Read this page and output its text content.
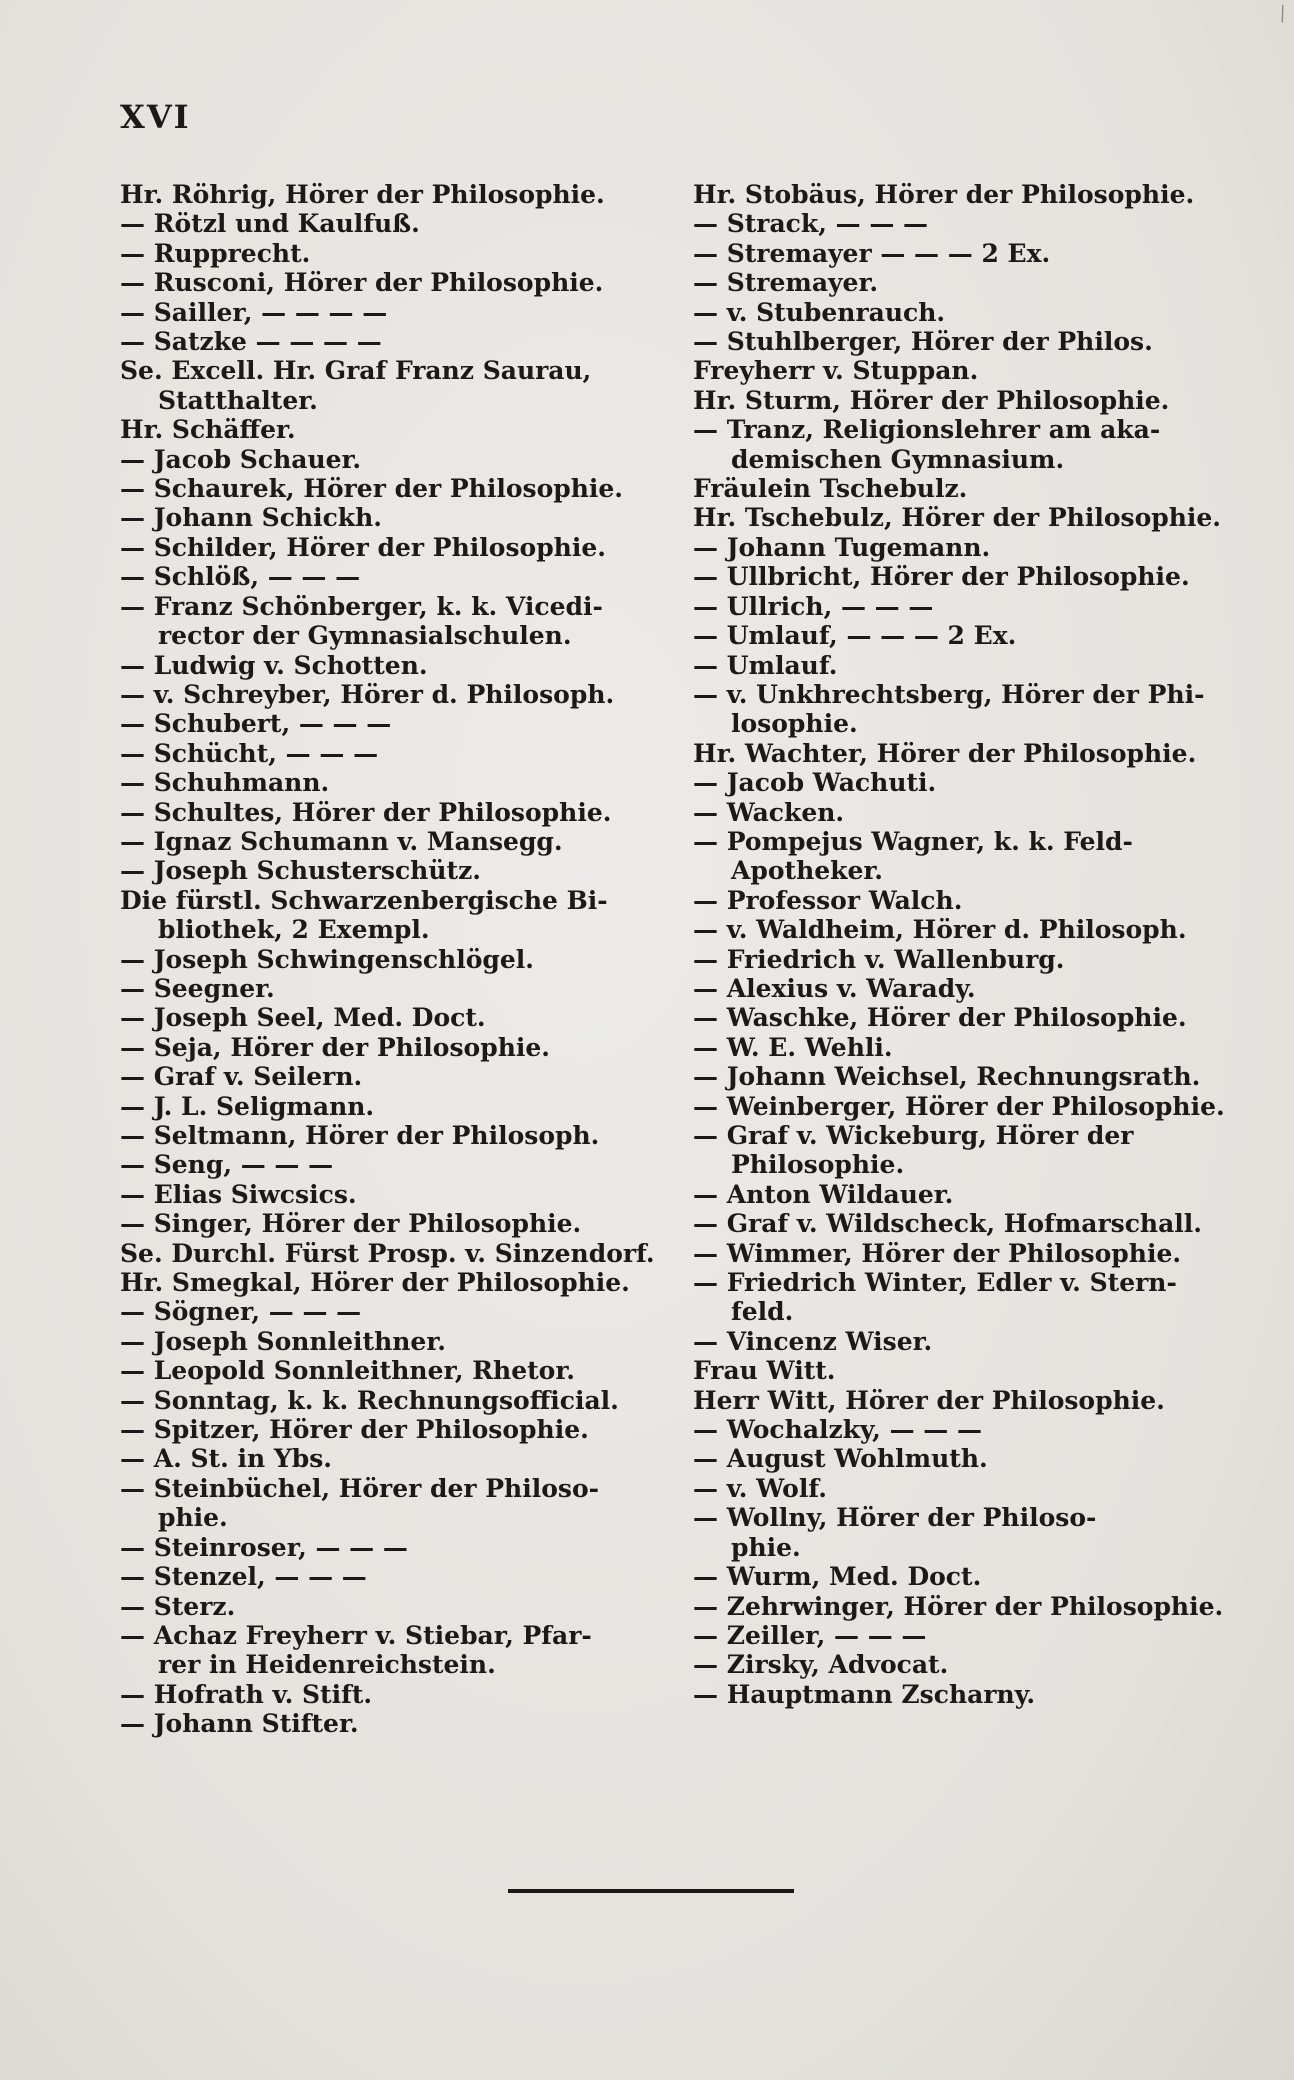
⁄
XVI
Hr. Röhrig, Hörer der Philosophie.
— Rötzl und Kaulfuß.
— Rupprecht.
— Rusconi, Hörer der Philosophie.
— Sailler, — — — —
— Satzke — — — —
Se. Excell. Hr. Graf Franz Saurau,
Statthalter.
Hr. Schäffer.
— Jacob Schauer.
— Schaurek, Hörer der Philosophie.
— Johann Schickh.
— Schilder, Hörer der Philosophie.
— Schlöß, — — —
— Franz Schönberger, k. k. Vicedi-
rector der Gymnasialschulen.
— Ludwig v. Schotten.
— v. Schreyber, Hörer d. Philosoph.
— Schubert, — — —
— Schücht, — — —
— Schuhmann.
— Schultes, Hörer der Philosophie.
— Ignaz Schumann v. Mansegg.
— Joseph Schusterschütz.
Die fürstl. Schwarzenbergische Bi-
bliothek, 2 Exempl.
— Joseph Schwingenschlögel.
— Seegner.
— Joseph Seel, Med. Doct.
— Seja, Hörer der Philosophie.
— Graf v. Seilern.
— J. L. Seligmann.
— Seltmann, Hörer der Philosoph.
— Seng, — — —
— Elias Siwcsics.
— Singer, Hörer der Philosophie.
Se. Durchl. Fürst Prosp. v. Sinzendorf.
Hr. Smegkal, Hörer der Philosophie.
— Sögner, — — —
— Joseph Sonnleithner.
— Leopold Sonnleithner, Rhetor.
— Sonntag, k. k. Rechnungsofficial.
— Spitzer, Hörer der Philosophie.
— A. St. in Ybs.
— Steinbüchel, Hörer der Philoso-
phie.
— Steinroser, — — —
— Stenzel, — — —
— Sterz.
— Achaz Freyherr v. Stiebar, Pfar-
rer in Heidenreichstein.
— Hofrath v. Stift.
— Johann Stifter.
Hr. Stobäus, Hörer der Philosophie.
— Strack, — — —
— Stremayer — — — 2 Ex.
— Stremayer.
— v. Stubenrauch.
— Stuhlberger, Hörer der Philos.
Freyherr v. Stuppan.
Hr. Sturm, Hörer der Philosophie.
— Tranz, Religionslehrer am aka-
demischen Gymnasium.
Fräulein Tschebulz.
Hr. Tschebulz, Hörer der Philosophie.
— Johann Tugemann.
— Ullbricht, Hörer der Philosophie.
— Ullrich, — — —
— Umlauf, — — — 2 Ex.
— Umlauf.
— v. Unkhrechtsberg, Hörer der Phi-
losophie.
Hr. Wachter, Hörer der Philosophie.
— Jacob Wachuti.
— Wacken.
— Pompejus Wagner, k. k. Feld-
Apotheker.
— Professor Walch.
— v. Waldheim, Hörer d. Philosoph.
— Friedrich v. Wallenburg.
— Alexius v. Warady.
— Waschke, Hörer der Philosophie.
— W. E. Wehli.
— Johann Weichsel, Rechnungsrath.
— Weinberger, Hörer der Philosophie.
— Graf v. Wickeburg, Hörer der
Philosophie.
— Anton Wildauer.
— Graf v. Wildscheck, Hofmarschall.
— Wimmer, Hörer der Philosophie.
— Friedrich Winter, Edler v. Stern-
feld.
— Vincenz Wiser.
Frau Witt.
Herr Witt, Hörer der Philosophie.
— Wochalzky, — — —
— August Wohlmuth.
— v. Wolf.
— Wollny, Hörer der Philoso-
phie.
— Wurm, Med. Doct.
— Zehrwinger, Hörer der Philosophie.
— Zeiller, — — —
— Zirsky, Advocat.
— Hauptmann Zscharny.
